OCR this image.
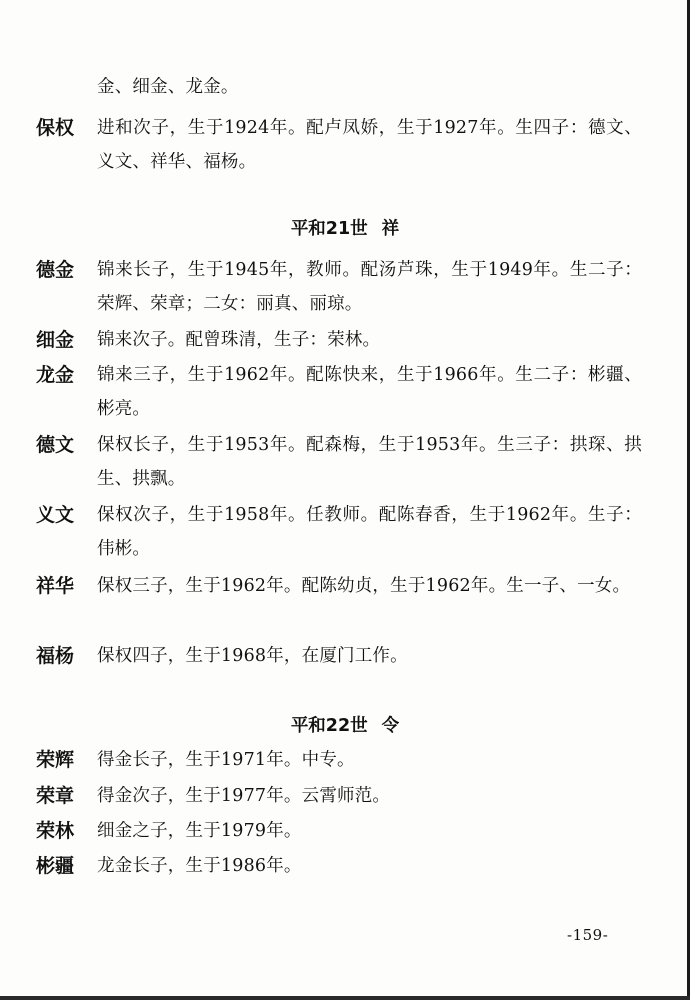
金、细金、龙金。
保权 进和次子，生于1924年。配卢凤娇，生于1927年。生四子：德文、义文、祥华、福杨。
平和21世 祥
德金 锦来长子，生于1945年，教师。配汤芦珠，生于1949年。生二子：荣辉、荣章；二女：丽真、丽琼。
细金 锦来次子。配曾珠清，生子：荣林。
龙金 锦来三子，生于1962年。配陈快来，生于1966年。生二子：彬疆、彬亮。
德文 保权长子，生于1953年。配森梅，生于1953年。生三子：拱琛、拱生、拱飘。
义文 保权次子，生于1958年。任教师。配陈春香，生于1962年。生子：伟彬。
祥华 保权三子，生于1962年。配陈幼贞，生于1962年。生一子、一女。
福杨 保权四子，生于1968年，在厦门工作。
平和22世 令
荣辉 得金长子，生于1971年。中专。
荣章 得金次子，生于1977年。云霄师范。
荣林 细金之子，生于1979年。
彬疆 龙金长子，生于1986年。
-159-
